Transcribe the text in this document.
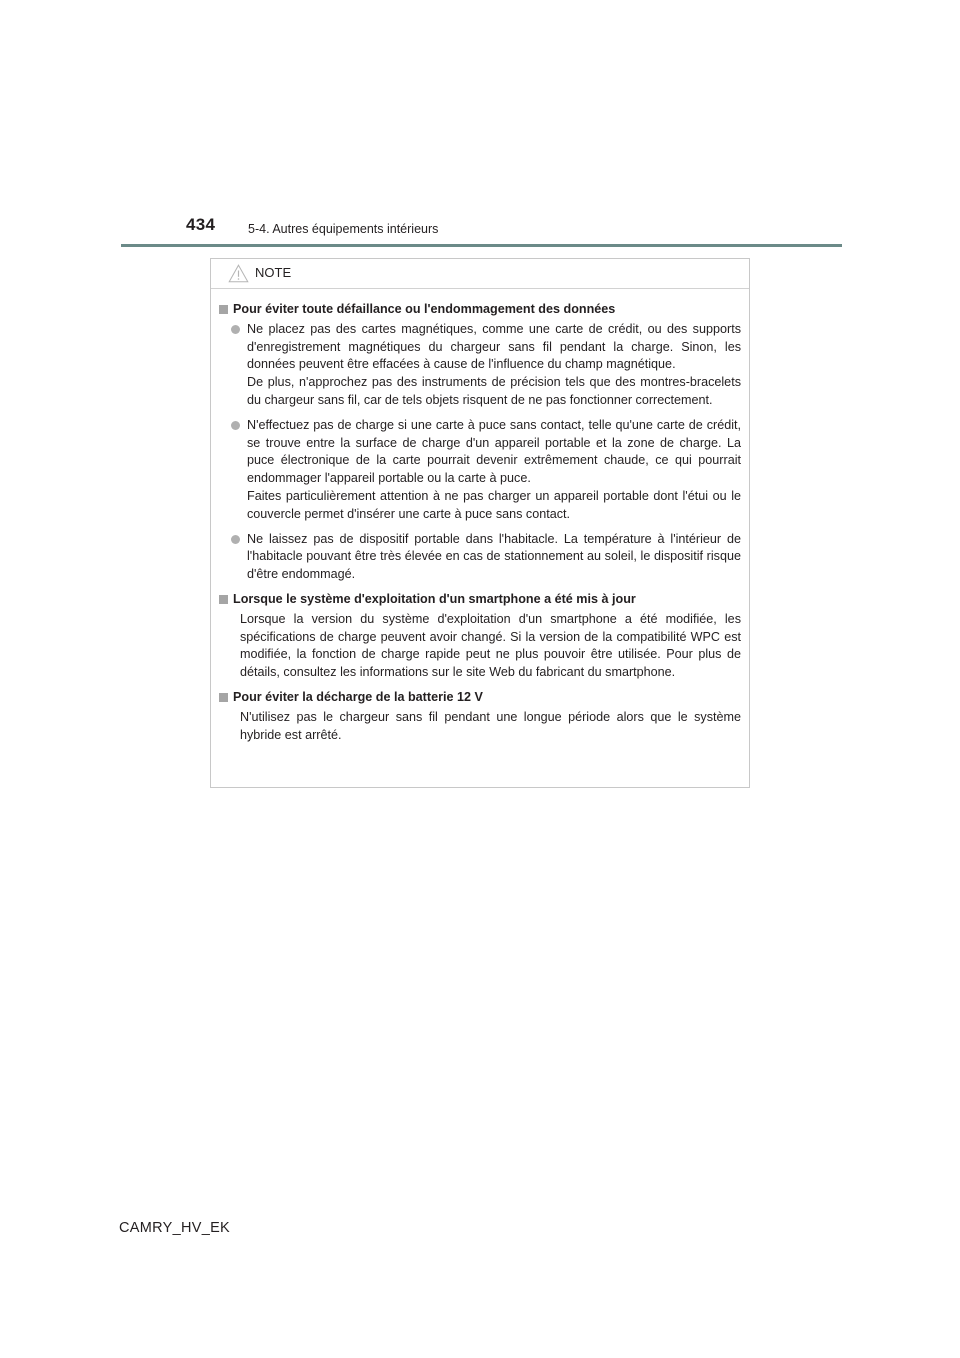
434	5-4. Autres équipements intérieurs
NOTE
Pour éviter toute défaillance ou l'endommagement des données

Ne placez pas des cartes magnétiques, comme une carte de crédit, ou des supports d'enregistrement magnétiques du chargeur sans fil pendant la charge. Sinon, les données peuvent être effacées à cause de l'influence du champ magnétique.

De plus, n'approchez pas des instruments de précision tels que des montres-bracelets du chargeur sans fil, car de tels objets risquent de ne pas fonctionner correctement.

N'effectuez pas de charge si une carte à puce sans contact, telle qu'une carte de crédit, se trouve entre la surface de charge d'un appareil portable et la zone de charge. La puce électronique de la carte pourrait devenir extrêmement chaude, ce qui pourrait endommager l'appareil portable ou la carte à puce.

Faites particulièrement attention à ne pas charger un appareil portable dont l'étui ou le couvercle permet d'insérer une carte à puce sans contact.

Ne laissez pas de dispositif portable dans l'habitacle. La température à l'intérieur de l'habitacle pouvant être très élevée en cas de stationnement au soleil, le dispositif risque d'être endommagé.

Lorsque le système d'exploitation d'un smartphone a été mis à jour

Lorsque la version du système d'exploitation d'un smartphone a été modifiée, les spécifications de charge peuvent avoir changé. Si la version de la compatibilité WPC est modifiée, la fonction de charge rapide peut ne plus pouvoir être utilisée. Pour plus de détails, consultez les informations sur le site Web du fabricant du smartphone.

Pour éviter la décharge de la batterie 12 V

N'utilisez pas le chargeur sans fil pendant une longue période alors que le système hybride est arrêté.

CAMRY_HV_EK
